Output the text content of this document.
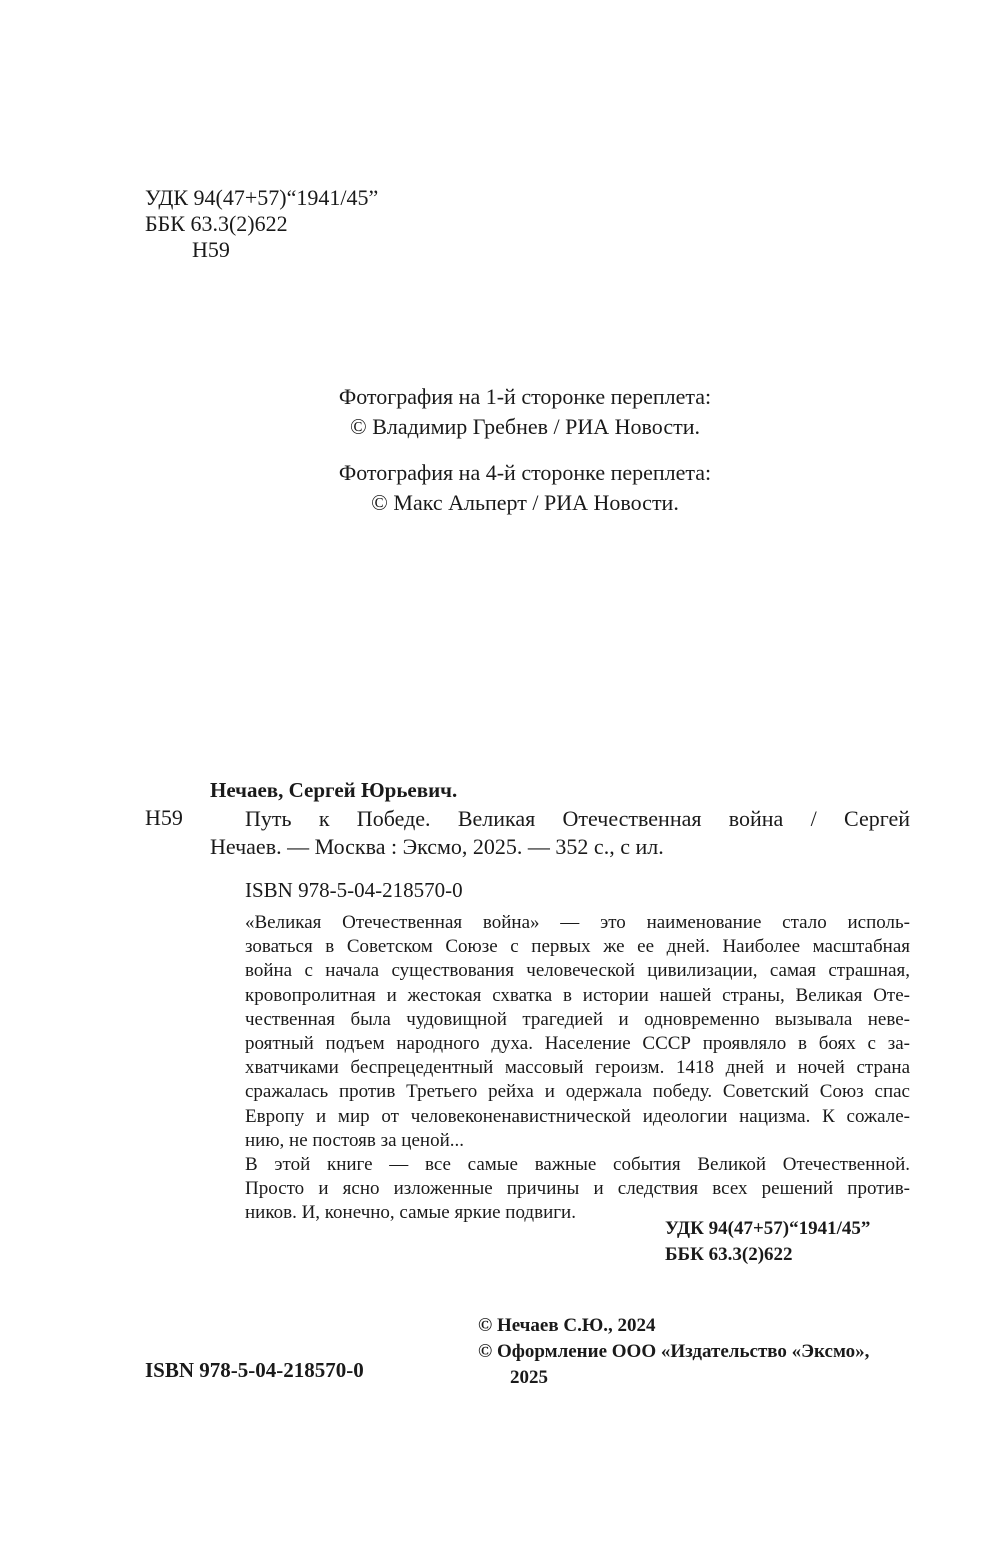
УДК 94(47+57)“1941/45”
ББК 63.3(2)622
Н59
Фотография на 1-й сторонке переплета:
© Владимир Гребнев / РИА Новости.
Фотография на 4-й сторонке переплета:
© Макс Альперт / РИА Новости.
Нечаев, Сергей Юрьевич.
Н59	Путь к Победе. Великая Отечественная война / Сергей
Нечаев. — Москва : Эксмо, 2025. — 352 с., с ил.
ISBN 978-5-04-218570-0

«Великая Отечественная война» — это наименование стало исполь-
зоваться в Советском Союзе с первых же ее дней. Наиболее масштабная
война с начала существования человеческой цивилизации, самая страшная,
кровопролитная и жестокая схватка в истории нашей страны, Великая Оте-
чественная была чудовищной трагедией и одновременно вызывала неве-
роятный подъем народного духа. Население СССР проявляло в боях с за-
хватчиками беспрецедентный массовый героизм. 1418 дней и ночей страна
сражалась против Третьего рейха и одержала победу. Советский Союз спас
Европу и мир от человеконенавистнической идеологии нацизма. К сожале-
нию, не постояв за ценой...

В этой книге — все самые важные события Великой Отечественной.
Просто и ясно изложенные причины и следствия всех решений против-
ников. И, конечно, самые яркие подвиги.

УДК 94(47+57)“1941/45”
ББК 63.3(2)622
ISBN 978-5-04-218570-0
© Нечаев С.Ю., 2024
© Оформление ООО «Издательство «Эксмо»,
2025
